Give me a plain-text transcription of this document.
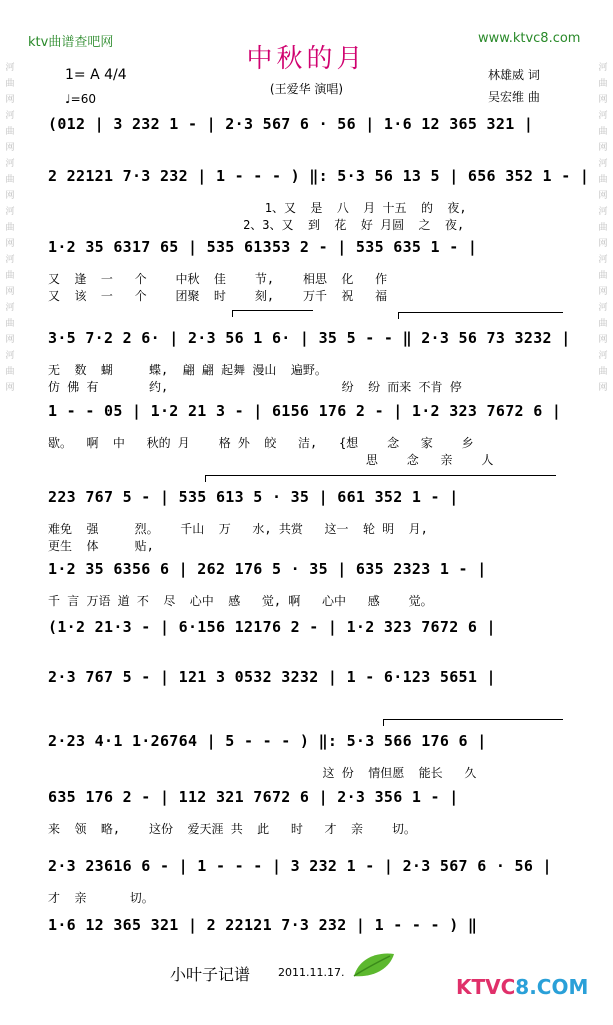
河曲网河曲网河曲网河曲网河曲网河曲网河曲网
河曲网河曲网河曲网河曲网河曲网河曲网河曲网
ktv曲谱查吧网	www.ktvc8.com
中秋的月
(王爱华 演唱)
林雄威 词
吴宏维 曲
1= A 4/4
♩=60
(012 | 3 232 1 - | 2·3 567 6 · 56 | 1·6 12 365 321 |
2 22121 7·3 232 | 1 - - - ) ‖: 5·3 56 13 5 | 656 352 1 - |
1、又  是  八  月 十五  的  夜,
2、3、又  到  花  好 月圆  之  夜,
1·2 35 6317 65 | 535 61353 2 - | 535 635 1 - |
又  逢  一   个    中秋  佳    节,    相思  化   作
又  该  一   个    团聚  时    刻,    万千  祝   福
3·5 7·2 2 6· | 2·3 56 1 6· | 35 5 - - ‖ 2·3 56 73 3232 |
无  数  蝴     蝶,  翩 翩 起舞 漫山  遍野。
仿 佛 有       约,                        纷  纷 而来 不肯 停
1 - - 05 | 1·2 21 3 - | 6156 176 2 - | 1·2 323 7672 6 |
歇。  啊  中   秋的 月    格 外  皎   洁,   {想    念   家    乡
思    念   亲    人
223 767 5 - | 535 613 5 · 35 | 661 352 1 - |
难免  强     烈。   千山  万   水, 共赏   这一  轮 明  月,
更生  体     贴,
1·2 35 6356 6 | 262 176 5 · 35 | 635 2323 1 - |
千 言 万语 道 不  尽  心中  感   觉, 啊   心中   感    觉。
(1·2 21·3 - | 6·156 12176 2 - | 1·2 323 7672 6 |
2·3 767 5 - | 121 3 0532 3232 | 1 - 6·123 5651 |
2·23 4·1 1·26764 | 5 - - - ) ‖: 5·3 566 176 6 |
这 份  情但愿  能长   久
635 176 2 - | 112 321 7672 6 | 2·3 356 1 - |
来  领  略,    这份  爱天涯 共  此   时   才  亲    切。
2·3 23616 6 - | 1 - - - | 3 232 1 - | 2·3 567 6 · 56 |
才  亲      切。
1·6 12 365 321 | 2 22121 7·3 232 | 1 - - - ) ‖
小叶子记谱	2011.11.17.
KTVC8.COM
